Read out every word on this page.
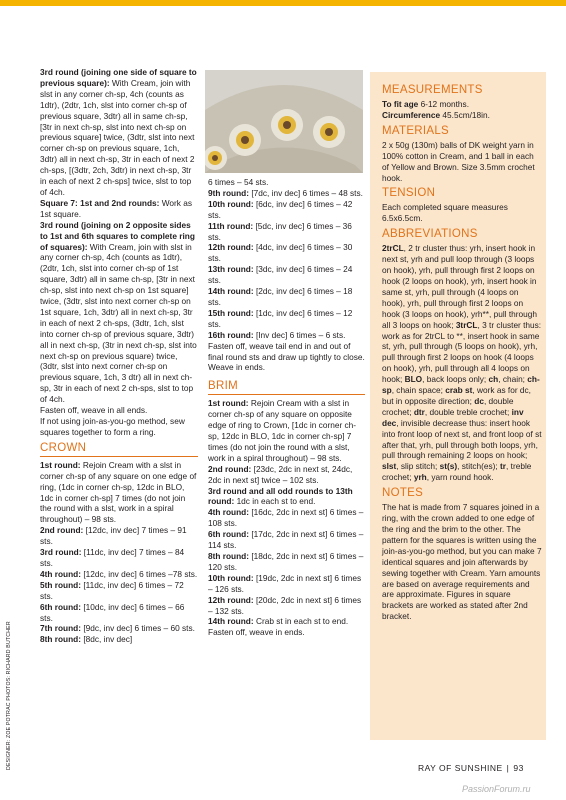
DESIGNER: ZOE POTRAC PHOTOS: RICHARD BUTCHER

3rd round (joining one side of square to previous square): With Cream, join with slst in any corner ch-sp, 4ch (counts as 1dtr), (2dtr, 1ch, slst into corner ch-sp of previous square, 3dtr) all in same ch-sp, [3tr in next ch-sp, slst into next ch-sp on previous square] twice, (3dtr, slst into next corner ch-sp on previous square, 1ch, 3dtr) all in next ch-sp, 3tr in each of next 2 ch-sps, [(3dtr, 2ch, 3dtr) in next ch-sp, 3tr in each of next 2 ch-sps] twice, slst to top of 4ch.

Square 7: 1st and 2nd rounds: Work as 1st square.

3rd round (joining on 2 opposite sides to 1st and 6th squares to complete ring of squares): With Cream, join with slst in any corner ch-sp, 4ch (counts as 1dtr), (2dtr, 1ch, slst into corner ch-sp of 1st square, 3dtr) all in same ch-sp, [3tr in next ch-sp, slst into next ch-sp on 1st square] twice, (3dtr, slst into next corner ch-sp on 1st square, 1ch, 3dtr) all in next ch-sp, 3tr in each of next 2 ch-sps, (3dtr, 1ch, slst into corner ch-sp of previous square, 3dtr) all in next ch-sp, (3tr in next ch-sp, slst into next ch-sp on previous square) twice, (3dtr, slst into next corner ch-sp on previous square, 1ch, 3 dtr) all in next ch-sp, 3tr in each of next 2 ch-sps, slst to top of 4ch.

Fasten off, weave in all ends.

If not using join-as-you-go method, sew squares together to form a ring.

CROWN

1st round: Rejoin Cream with a slst in corner ch-sp of any square on one edge of ring, (1dc in corner ch-sp, 12dc in BLO, 1dc in corner ch-sp] 7 times (do not join the round with a slst, work in a spiral throughout) – 98 sts.

2nd round: [12dc, inv dec] 7 times – 91 sts.

3rd round: [11dc, inv dec] 7 times – 84 sts.

4th round: [12dc, inv dec] 6 times –78 sts.

5th round: [11dc, inv dec] 6 times – 72 sts.

6th round: [10dc, inv dec] 6 times – 66 sts.

7th round: [9dc, inv dec] 6 times – 60 sts.

8th round: [8dc, inv dec]

6 times – 54 sts.

9th round: [7dc, inv dec] 6 times – 48 sts.

10th round: [6dc, inv dec] 6 times – 42 sts.

11th round: [5dc, inv dec] 6 times – 36 sts.

12th round: [4dc, inv dec] 6 times – 30 sts.

13th round: [3dc, inv dec] 6 times – 24 sts.

14th round: [2dc, inv dec] 6 times – 18 sts.

15th round: [1dc, inv dec] 6 times – 12 sts.

16th round: [Inv dec] 6 times – 6 sts.

Fasten off, weave tail end in and out of final round sts and draw up tightly to close. Weave in ends.

BRIM

1st round: Rejoin Cream with a slst in corner ch-sp of any square on opposite edge of ring to Crown, [1dc in corner ch-sp, 12dc in BLO, 1dc in corner ch-sp] 7 times (do not join the round with a slst, work in a spiral throughout) – 98 sts.

2nd round: [23dc, 2dc in next st, 24dc, 2dc in next st] twice – 102 sts.

3rd round and all odd rounds to 13th round: 1dc in each st to end.

4th round: [16dc, 2dc in next st] 6 times – 108 sts.

6th round: [17dc, 2dc in next st] 6 times – 114 sts.

8th round: [18dc, 2dc in next st] 6 times – 120 sts.

10th round: [19dc, 2dc in next st] 6 times – 126 sts.

12th round: [20dc, 2dc in next st] 6 times – 132 sts.

14th round: Crab st in each st to end. Fasten off, weave in ends.

MEASUREMENTS

To fit age 6-12 months.

Circumference 45.5cm/18in.

MATERIALS

2 x 50g (130m) balls of DK weight yarn in 100% cotton in Cream, and 1 ball in each of Yellow and Brown. Size 3.5mm crochet hook.

TENSION

Each completed square measures 6.5x6.5cm.

ABBREVIATIONS

2trCL, 2 tr cluster thus: yrh, insert hook in next st, yrh and pull loop through (3 loops on hook), yrh, pull through first 2 loops on hook (2 loops on hook), yrh, insert hook in same st, yrh, pull through (4 loops on hook), yrh, pull through first 2 loops on hook (3 loops on hook), yrh**, pull through all 3 loops on hook; 3trCL, 3 tr cluster thus: work as for 2trCL to **, insert hook in same st, yrh, pull through (5 loops on hook), yrh, pull through first 2 loops on hook (4 loops on hook), yrh, pull through all 4 loops on hook; BLO, back loops only; ch, chain; ch-sp, chain space; crab st, work as for dc, but in opposite direction; dc, double crochet; dtr, double treble crochet; inv dec, invisible decrease thus: insert hook into front loop of next st, and front loop of st after that, yrh, pull through both loops, yrh, pull through remaining 2 loops on hook; slst, slip stitch; st(s), stitch(es); tr, treble crochet; yrh, yarn round hook.

NOTES

The hat is made from 7 squares joined in a ring, with the crown added to one edge of the ring and the brim to the other. The pattern for the squares is written using the join-as-you-go method, but you can make 7 identical squares and join afterwards by sewing together with Cream. Yarn amounts are based on average requirements and are approximate. Figures in square brackets are worked as stated after 2nd bracket.

RAY OF SUNSHINE | 93
PassionForum.ru
